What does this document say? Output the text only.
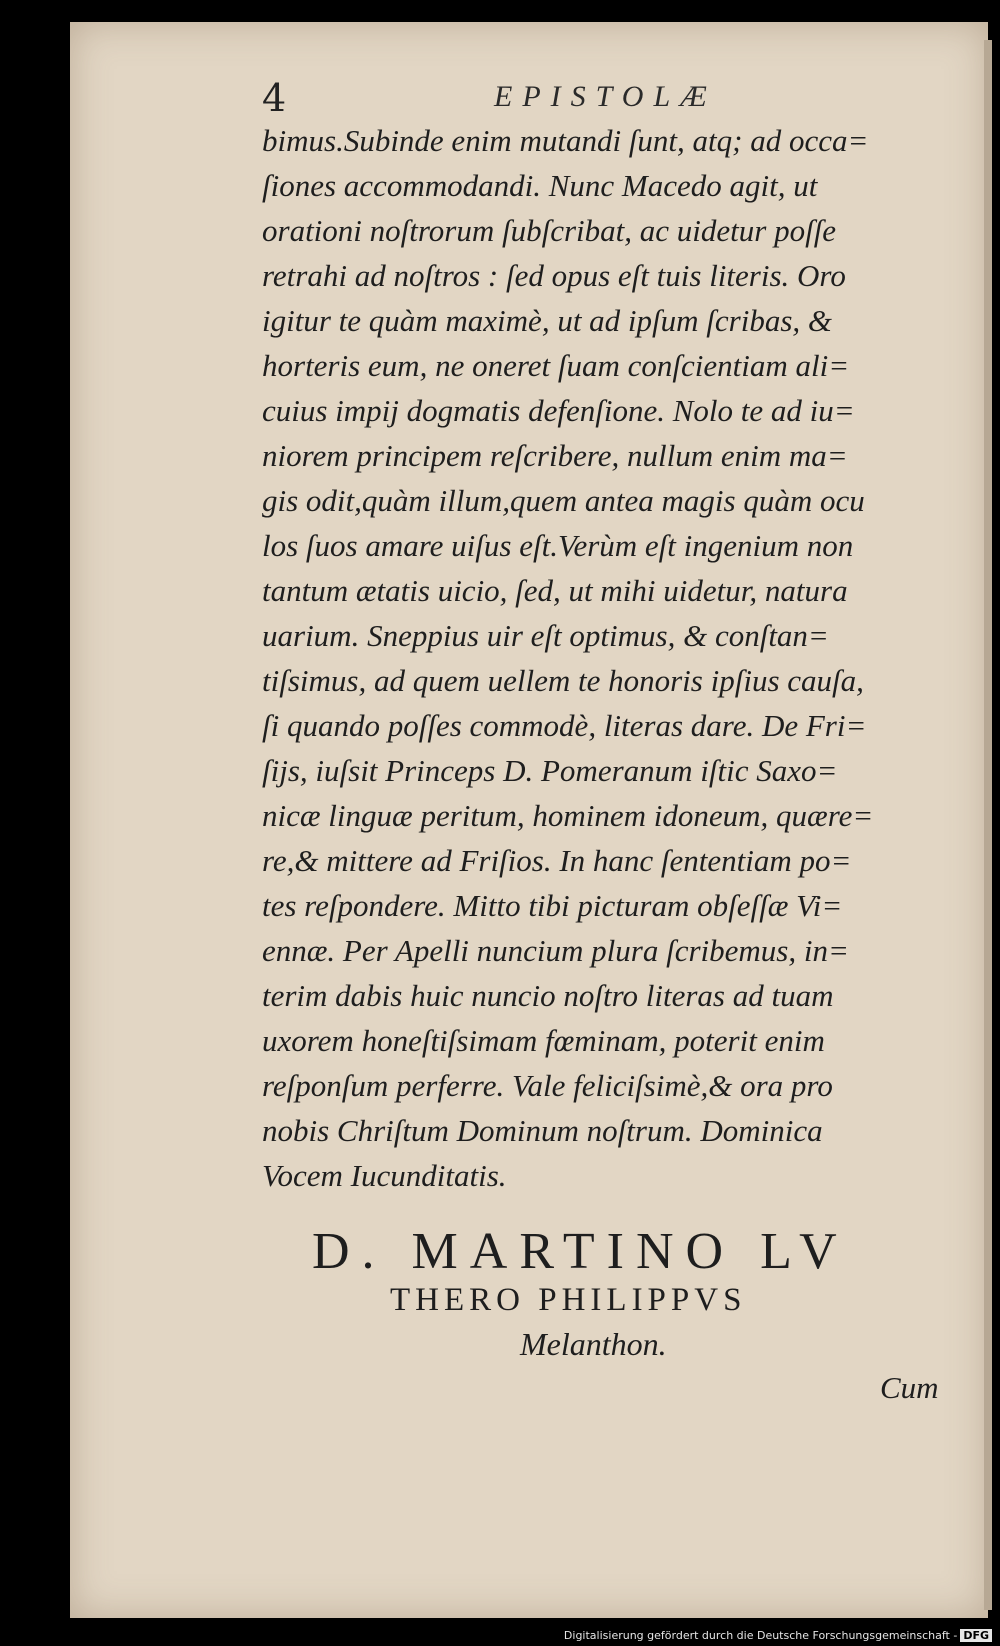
4	EPISTOLÆ
bimus.Subinde enim mutandi ſunt, atq; ad occa=
ſiones accommodandi. Nunc Macedo agit, ut
orationi noſtrorum ſubſcribat, ac uidetur poſſe
retrahi ad noſtros : ſed opus eſt tuis literis. Oro
igitur te quàm maximè, ut ad ipſum ſcribas, &
horteris eum, ne oneret ſuam conſcientiam ali=
cuius impij dogmatis defenſione. Nolo te ad iu=
niorem principem reſcribere, nullum enim ma=
gis odit,quàm illum,quem antea magis quàm ocu
los ſuos amare uiſus eſt.Verùm eſt ingenium non
tantum ætatis uicio, ſed, ut mihi uidetur, natura
uarium. Sneppius uir eſt optimus, & conſtan=
tiſsimus, ad quem uellem te honoris ipſius cauſa,
ſi quando poſſes commodè, literas dare. De Fri=
ſijs, iuſsit Princeps D. Pomeranum iſtic Saxo=
nicæ linguæ peritum, hominem idoneum, quære=
re,& mittere ad Friſios. In hanc ſententiam po=
tes reſpondere. Mitto tibi picturam obſeſſæ Vi=
ennæ. Per Apelli nuncium plura ſcribemus, in=
terim dabis huic nuncio noſtro literas ad tuam
uxorem honeſtiſsimam fœminam, poterit enim
reſponſum perferre. Vale feliciſsimè,& ora pro
nobis Chriſtum Dominum noſtrum. Dominica
Vocem Iucunditatis.
D. MARTINO LV
THERO PHILIPPVS
Melanthon.
Cum
Digitalisierung gefördert durch die Deutsche Forschungsgemeinschaft - DFG
